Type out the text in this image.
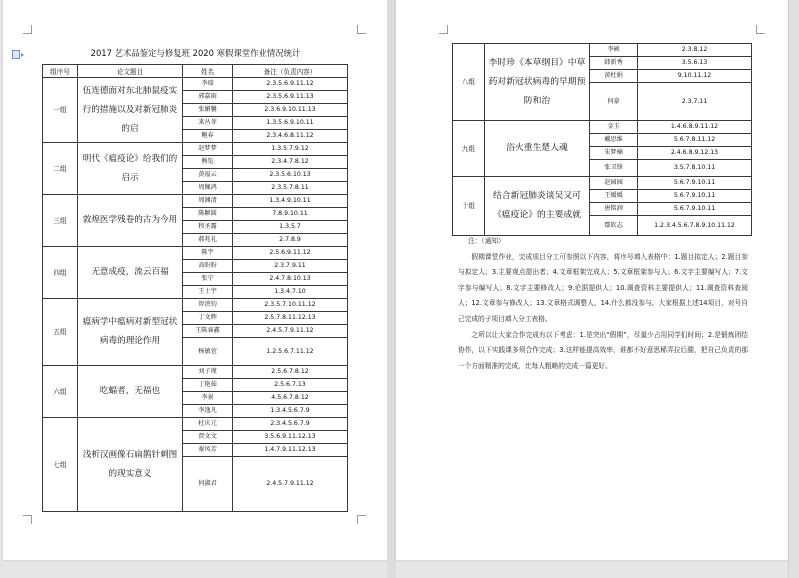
2017 艺术品鉴定与修复班 2020 寒假课堂作业情况统计
组序号	论文题目	姓名	备注（负责内容）
一组	伍连德面对东北肺鼠疫实行的措施以及对新冠肺炎的启	李瑞	2.3.5.6.9.11.12
		郭嘉雨	2.3.5.6.9.11.13
		张媚馨	2.3.6.9.10.11.13
		来丛菲	1.3.5.6.9.10.11
		鲍春	2.3.4.6.8.11.12
二组	明代《瘟疫论》给我们的启示	赵梦梦	1.3.5.7.9.12
		熊览	2.3.4.7.8.12
		黄福云	2.3.5.6.10.13
		周佩鸿	2.3.5.7.8.11
三组	敦煌医学残卷的古为今用	周渊清	1.3.4.9.10.11
		陈颖圆	7.8.9.10.11
		程圣露	1.3.5.7
		郝兆礼	2.7.8.9
四组	无意成疫，流云百福	陈宇	2.5.6.9.11.12
		高盼盼	2.3.7.9.11
		张宁	2.4.7.8.10.13
		王士宇	1.3.4.7.10
五组	瘟病学中瘟病对新型冠状病毒的理论作用	智浃钧	2.3.5.7.10.11.12
		丁文辉	2.5.7.8.11.12.13
		王陈睿鑫	2.4.5.7.9.11.12
		杨敏萱	1.2.5.6.7.11.12
六组	吃蝠者，无福也	刘子瑾	2.5.6.7.8.12
		丁艳茹	2.5.6.7.13
		李景	4.5.6.7.8.12
		李逸凡	1.3.4.5.6.7.9
七组	浅析汉画像石扁鹊针刺图的现实意义	杜庆元	2.3.4.5.6.7.9
		贾文文	3.5.6.9.11.12.13
		秦凤芳	1.4.7.9.11.12.13
		何淑君	2.4.5.7.9.11.12
八组	李时珍《本草纲目》中草药对新冠状病毒的早期预防和治	李硕	2.3.8.12
		韩新秀	3.5.6.13
		黄杜娟	9.10.11.12
		何豪	2.3.7.11
九组	浴火重生楚人魂	金玉	1.4.6.8.9.11.12
		戴思维	5.6.7.8.11.12
		朱梦楠	2.4.6.8.9.12.13
		张卫锋	3.5.7.8.10.11
十组	结合新冠肺炎谈吴又可《瘟疫论》的主要成就	赵园园	5.6.7.9.10.11
		王媛媛	5.6.7.9.10.11
		唐铭润	5.6.7.9.10.11
		鄢软志	1.2.3.4.5.6.7.8.9.10.11.12

注：（通知）

假期课堂作业，完成项目分工可参照以下内容，将序号填入表格中：1.题目拟定人；2.题目参与拟定人；3.主要观点提出者；4.文章框架完成人；5.文章框架参与人；6.文字主要编写人；7.文字参与编写人；8.文字主要修改人；9.论据提供人；10.调查资料主要提供人；11.调查资料查阅人；12.文章参与修改人；13.文章格式调整人。14.什么都没参与。大家根据上述14项目，对号自己完成的子项目填入分工表格。

之所以让大家合作完成有以下考虑：1.是突出“假期”，尽量少占用同学们时间；2.是锻炼团结协作，以下实践课多须合作完成；3.这样能提高效率，谁都不好意思稀弄拉后腿，把自己负责的那一个方面精准的完成，比每人粗略的完成一篇更好。
